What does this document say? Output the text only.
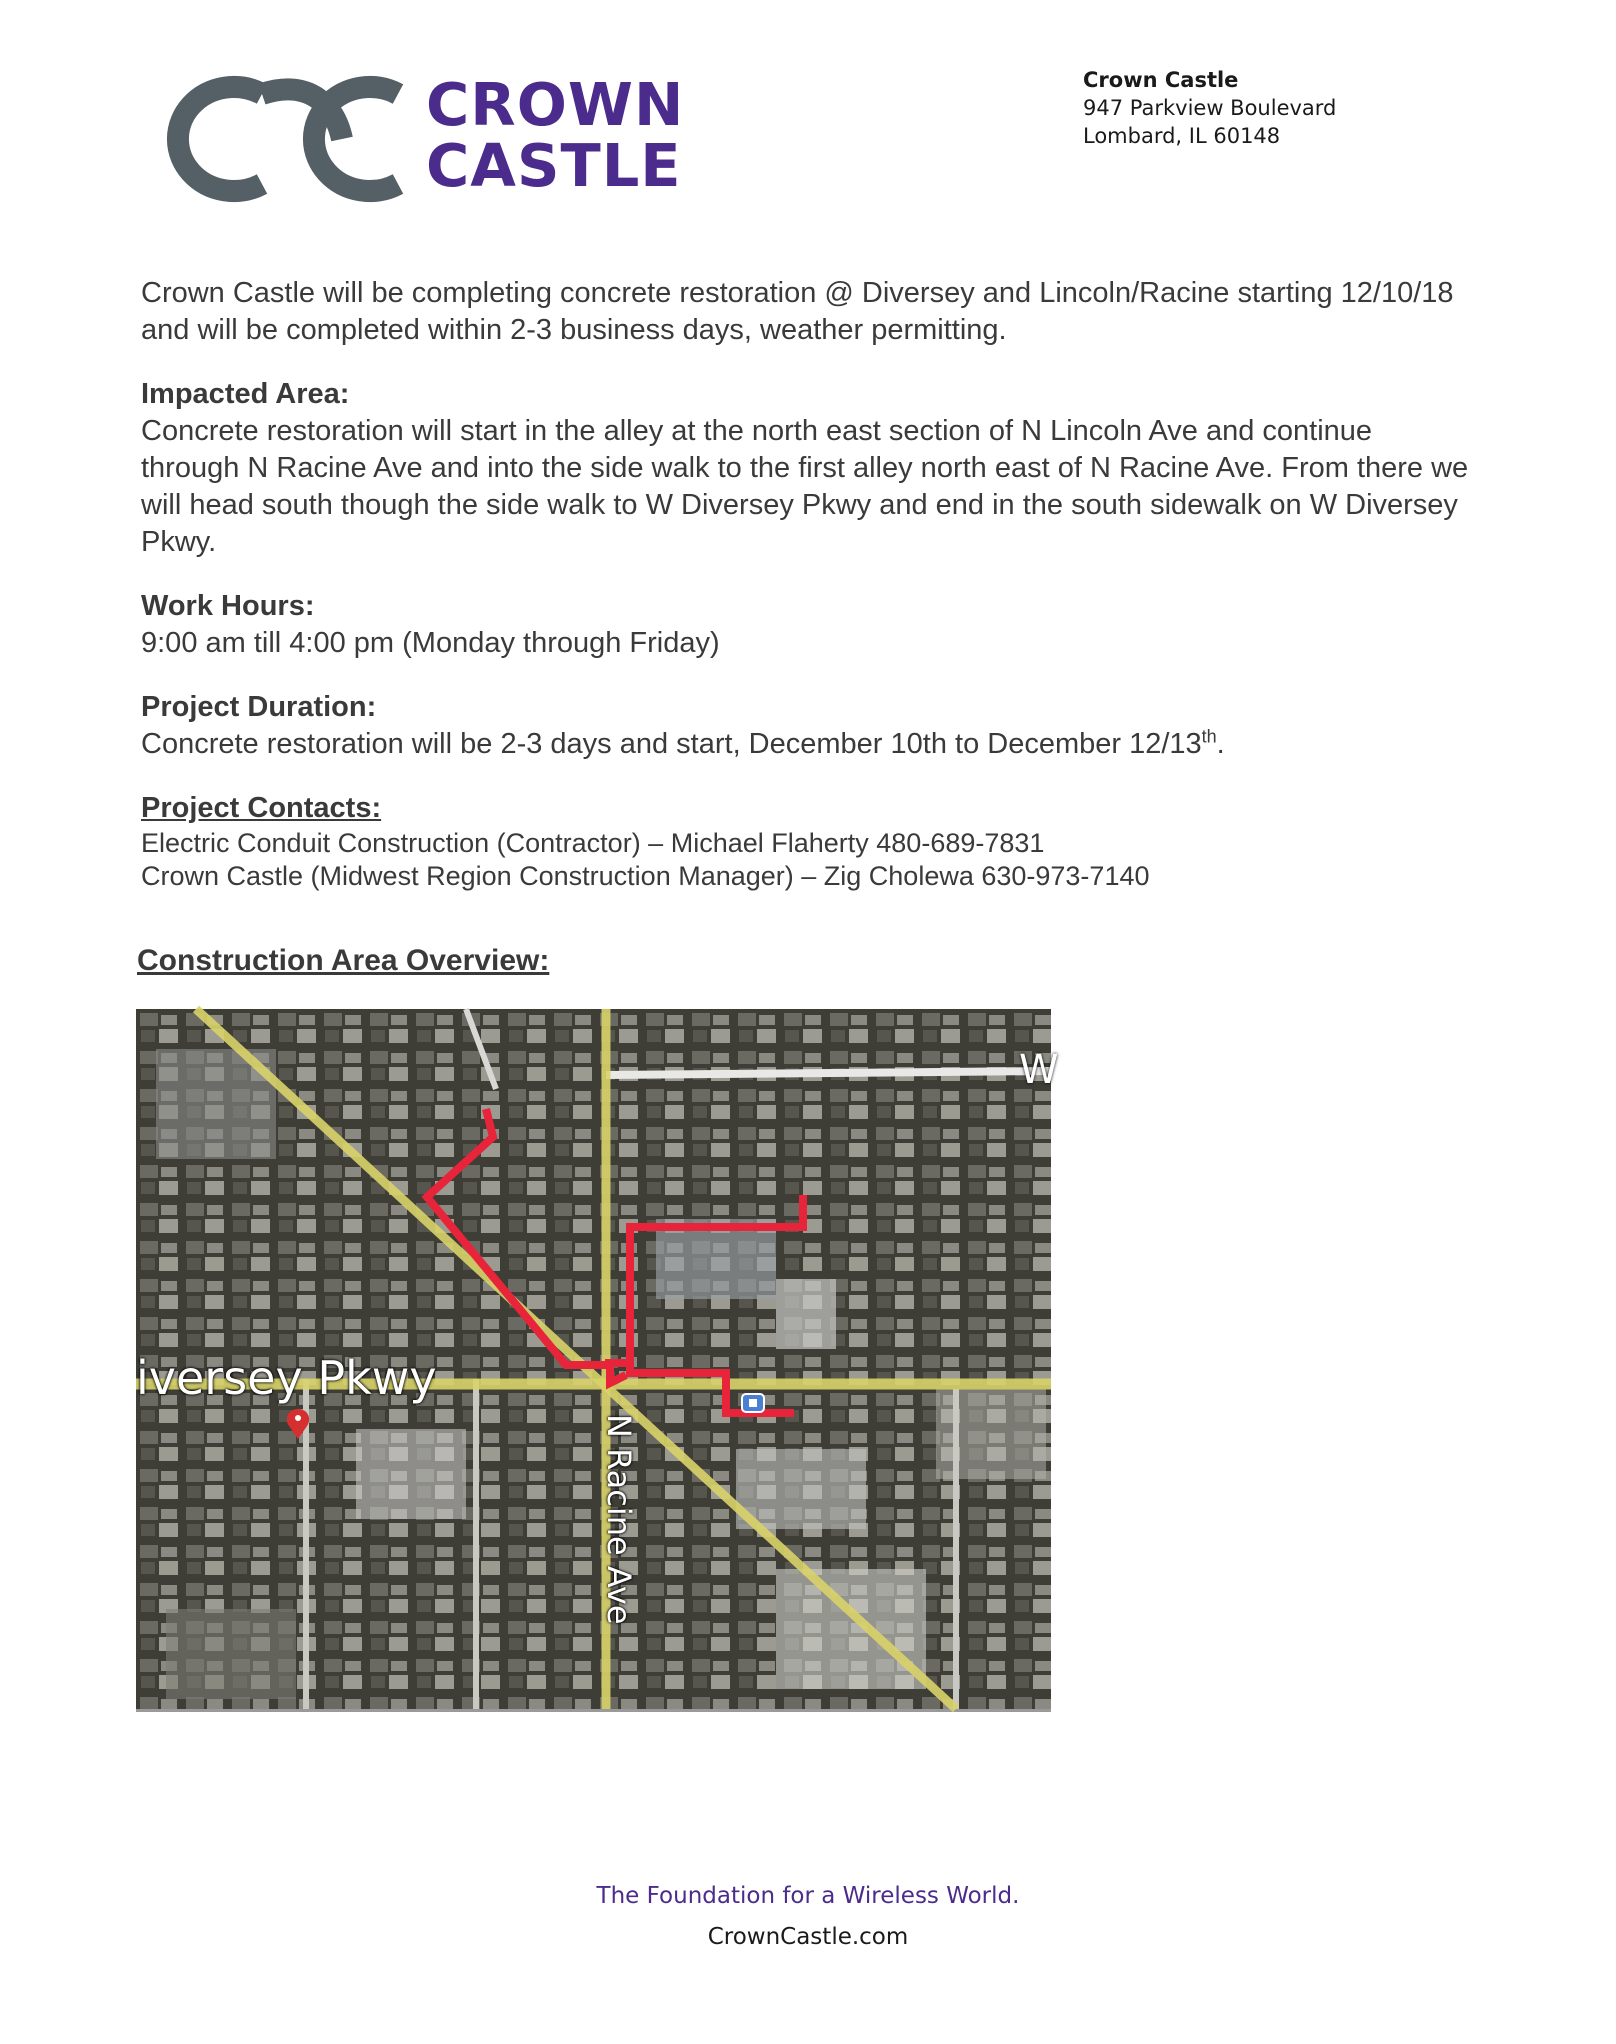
CROWN
CASTLE
Crown Castle
947 Parkview Boulevard
Lombard, IL 60148

Crown Castle will be completing concrete restoration @ Diversey and Lincoln/Racine starting 12/10/18 and will be completed within 2-3 business days, weather permitting.

Impacted Area:
Concrete restoration will start in the alley at the north east section of N Lincoln Ave and continue through N Racine Ave and into the side walk to the first alley north east of N Racine Ave. From there we will head south though the side walk to W Diversey Pkwy and end in the south sidewalk on W Diversey Pkwy.

Work Hours:
9:00 am till 4:00 pm (Monday through Friday)

Project Duration:
Concrete restoration will be 2-3 days and start, December 10th to December 12/13th.

Project Contacts:
Electric Conduit Construction (Contractor) – Michael Flaherty 480-689-7831
Crown Castle (Midwest Region Construction Manager) – Zig Cholewa 630-973-7140

Construction Area Overview:
iversey Pkwy
N Racine Ave
W
The Foundation for a Wireless World.
CrownCastle.com
